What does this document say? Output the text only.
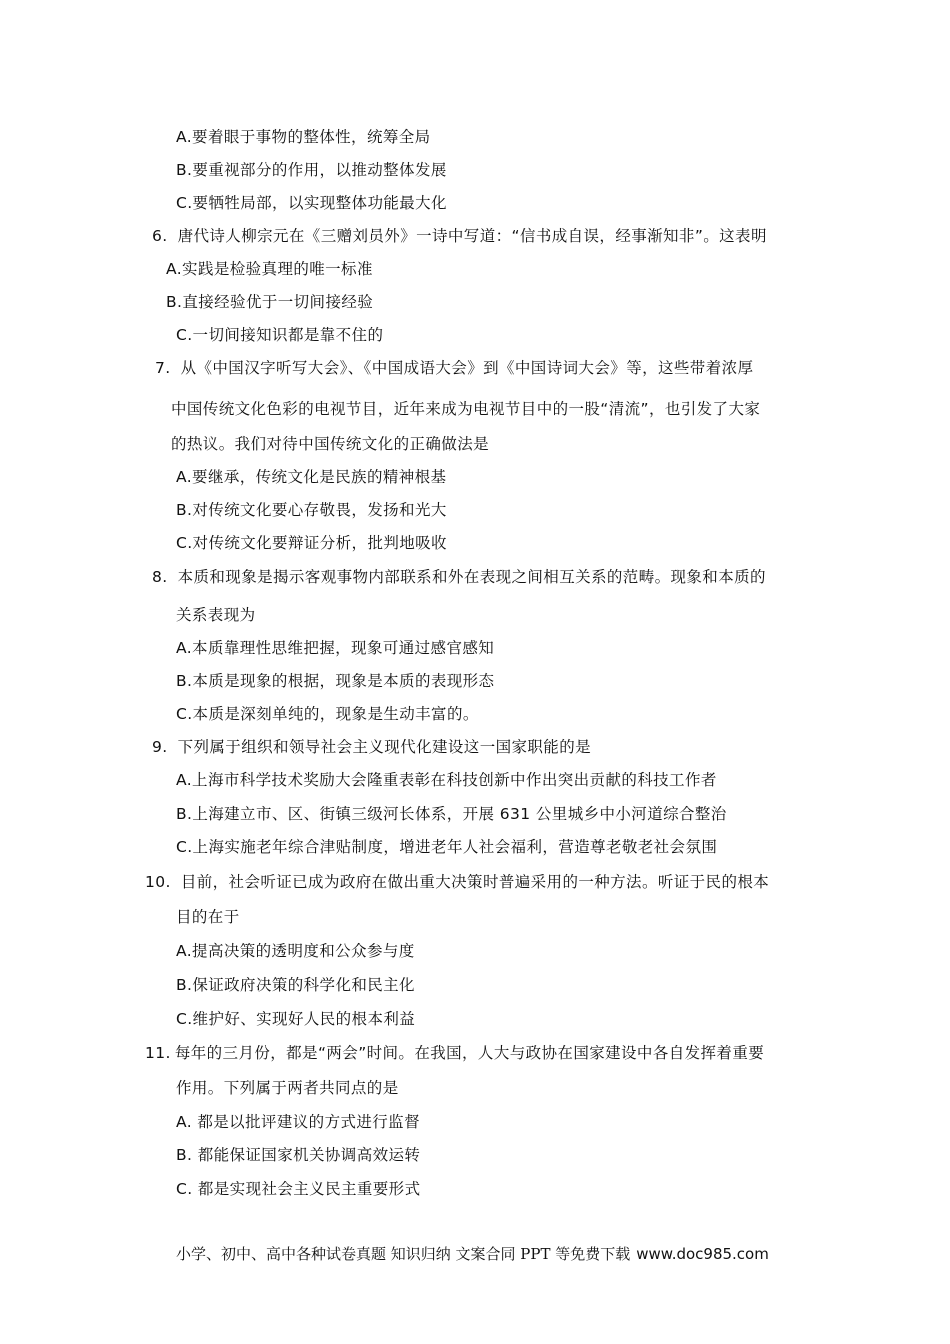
A.要着眼于事物的整体性，统筹全局
B.要重视部分的作用，以推动整体发展
C.要牺牲局部，以实现整体功能最大化
6. 唐代诗人柳宗元在《三赠刘员外》一诗中写道：“信书成自误，经事渐知非”。这表明
A.实践是检验真理的唯一标准
B.直接经验优于一切间接经验
C.一切间接知识都是靠不住的
7. 从《中国汉字听写大会》、《中国成语大会》到《中国诗词大会》等，这些带着浓厚
中国传统文化色彩的电视节目，近年来成为电视节目中的一股“清流”，也引发了大家
的热议。我们对待中国传统文化的正确做法是
A.要继承，传统文化是民族的精神根基
B.对传统文化要心存敬畏，发扬和光大
C.对传统文化要辩证分析，批判地吸收
8. 本质和现象是揭示客观事物内部联系和外在表现之间相互关系的范畴。现象和本质的
关系表现为
A.本质靠理性思维把握，现象可通过感官感知
B.本质是现象的根据，现象是本质的表现形态
C.本质是深刻单纯的，现象是生动丰富的。
9. 下列属于组织和领导社会主义现代化建设这一国家职能的是
A.上海市科学技术奖励大会隆重表彰在科技创新中作出突出贡献的科技工作者
B.上海建立市、区、街镇三级河长体系，开展 631 公里城乡中小河道综合整治
C.上海实施老年综合津贴制度，增进老年人社会福利，营造尊老敬老社会氛围
10. 目前，社会听证已成为政府在做出重大决策时普遍采用的一种方法。听证于民的根本
目的在于
A.提高决策的透明度和公众参与度
B.保证政府决策的科学化和民主化
C.维护好、实现好人民的根本利益
11. 每年的三月份，都是“两会”时间。在我国，人大与政协在国家建设中各自发挥着重要
作用。下列属于两者共同点的是
A. 都是以批评建议的方式进行监督
B. 都能保证国家机关协调高效运转
C. 都是实现社会主义民主重要形式
小学、初中、高中各种试卷真题 知识归纳 文案合同 PPT 等免费下载 www.doc985.com
